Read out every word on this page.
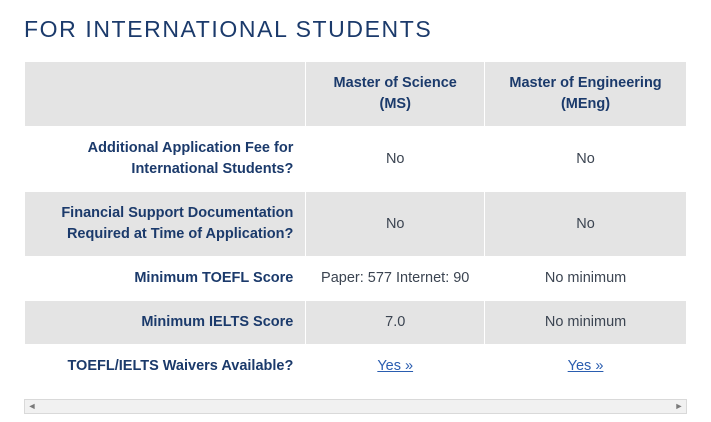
FOR INTERNATIONAL STUDENTS
	Master of Science (MS)	Master of Engineering (MEng)
Additional Application Fee for International Students?	No	No
Financial Support Documentation Required at Time of Application?	No	No
Minimum TOEFL Score	Paper: 577 Internet: 90	No minimum
Minimum IELTS Score	7.0	No minimum
TOEFL/IELTS Waivers Available?	Yes »	Yes »
◄	►
